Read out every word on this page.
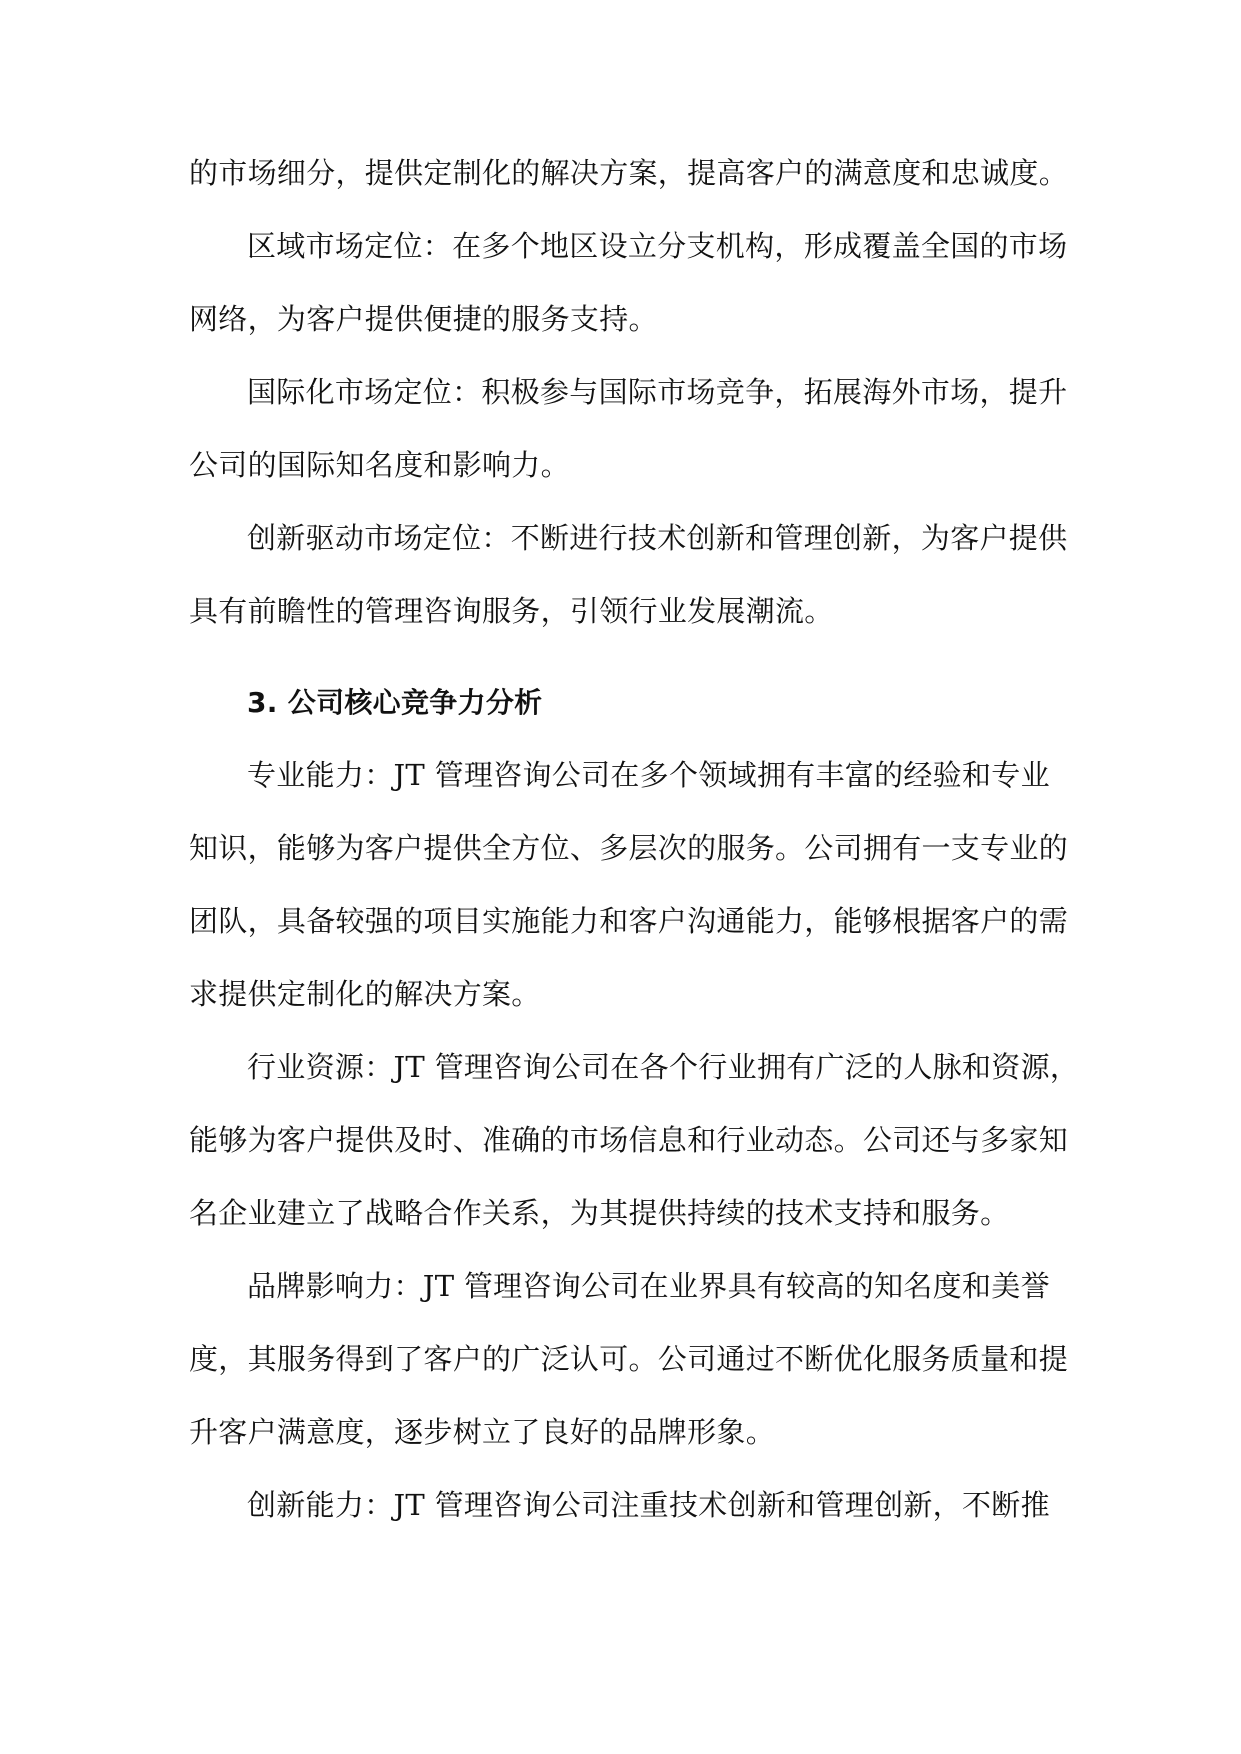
的市场细分，提供定制化的解决方案，提高客户的满意度和忠诚度。
区域市场定位：在多个地区设立分支机构，形成覆盖全国的市场
网络，为客户提供便捷的服务支持。
国际化市场定位：积极参与国际市场竞争，拓展海外市场，提升
公司的国际知名度和影响力。
创新驱动市场定位：不断进行技术创新和管理创新，为客户提供
具有前瞻性的管理咨询服务，引领行业发展潮流。
3. 公司核心竞争力分析
专业能力：JT 管理咨询公司在多个领域拥有丰富的经验和专业
知识，能够为客户提供全方位、多层次的服务。公司拥有一支专业的
团队，具备较强的项目实施能力和客户沟通能力，能够根据客户的需
求提供定制化的解决方案。
行业资源：JT 管理咨询公司在各个行业拥有广泛的人脉和资源，
能够为客户提供及时、准确的市场信息和行业动态。公司还与多家知
名企业建立了战略合作关系，为其提供持续的技术支持和服务。
品牌影响力：JT 管理咨询公司在业界具有较高的知名度和美誉
度，其服务得到了客户的广泛认可。公司通过不断优化服务质量和提
升客户满意度，逐步树立了良好的品牌形象。
创新能力：JT 管理咨询公司注重技术创新和管理创新，不断推
